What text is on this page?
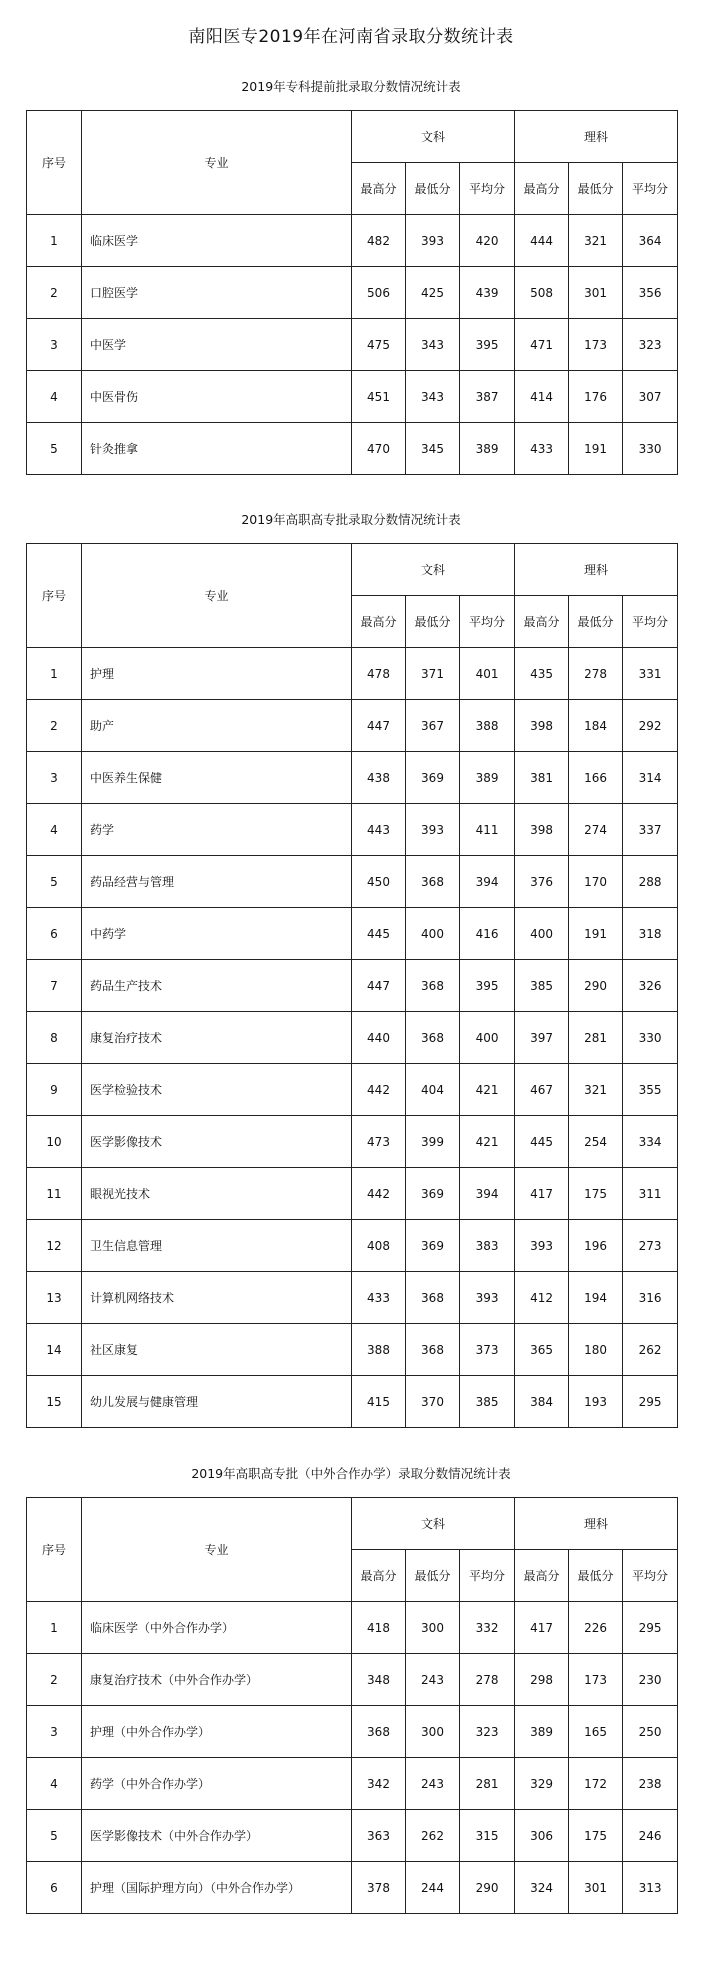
南阳医专2019年在河南省录取分数统计表
2019年专科提前批录取分数情况统计表
序号	专业	文科			理科		
		最高分	最低分	平均分	最高分	最低分	平均分
1	临床医学	482	393	420	444	321	364
2	口腔医学	506	425	439	508	301	356
3	中医学	475	343	395	471	173	323
4	中医骨伤	451	343	387	414	176	307
5	针灸推拿	470	345	389	433	191	330
2019年高职高专批录取分数情况统计表
序号	专业	文科			理科		
		最高分	最低分	平均分	最高分	最低分	平均分
1	护理	478	371	401	435	278	331
2	助产	447	367	388	398	184	292
3	中医养生保健	438	369	389	381	166	314
4	药学	443	393	411	398	274	337
5	药品经营与管理	450	368	394	376	170	288
6	中药学	445	400	416	400	191	318
7	药品生产技术	447	368	395	385	290	326
8	康复治疗技术	440	368	400	397	281	330
9	医学检验技术	442	404	421	467	321	355
10	医学影像技术	473	399	421	445	254	334
11	眼视光技术	442	369	394	417	175	311
12	卫生信息管理	408	369	383	393	196	273
13	计算机网络技术	433	368	393	412	194	316
14	社区康复	388	368	373	365	180	262
15	幼儿发展与健康管理	415	370	385	384	193	295
2019年高职高专批（中外合作办学）录取分数情况统计表
序号	专业	文科			理科		
		最高分	最低分	平均分	最高分	最低分	平均分
1	临床医学（中外合作办学）	418	300	332	417	226	295
2	康复治疗技术（中外合作办学）	348	243	278	298	173	230
3	护理（中外合作办学）	368	300	323	389	165	250
4	药学（中外合作办学）	342	243	281	329	172	238
5	医学影像技术（中外合作办学）	363	262	315	306	175	246
6	护理（国际护理方向）（中外合作办学）	378	244	290	324	301	313
